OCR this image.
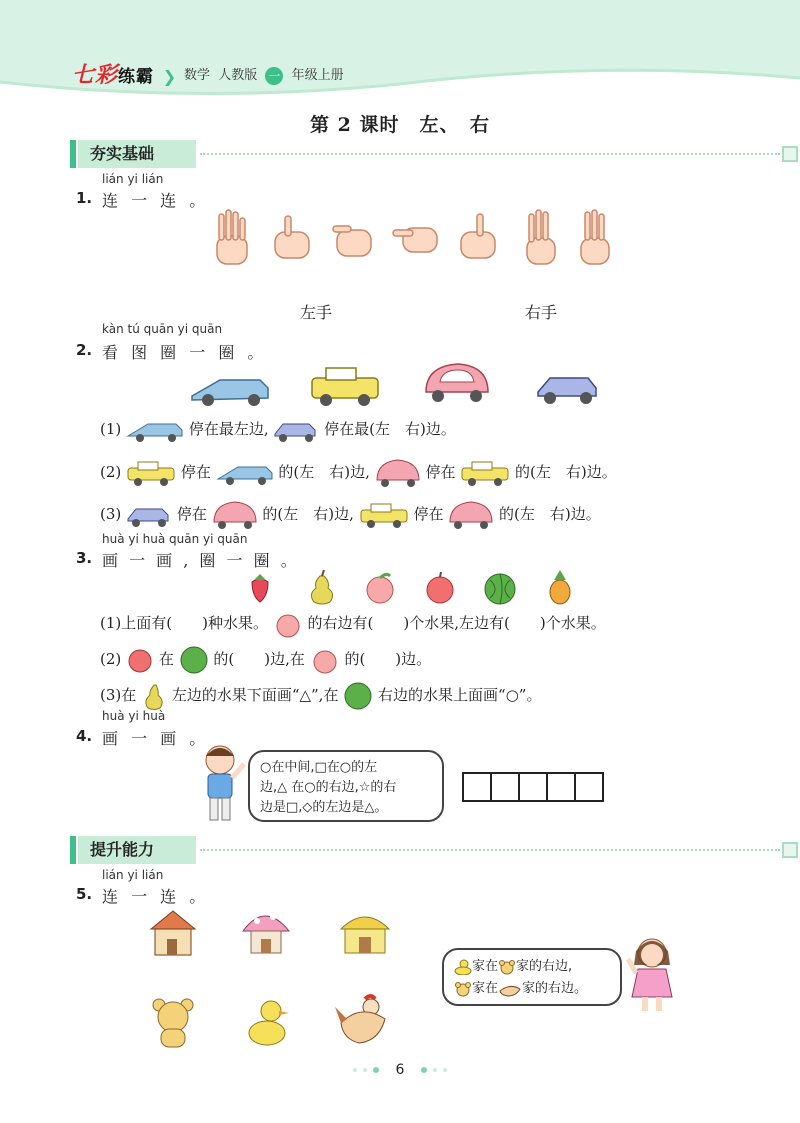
七彩练霸 ❯ 数学 人教版 一 年级上册
第 2 课时　左、　右
夯实基础
lián yi lián
1. 连 一 连 。
左手	右手
kàn tú quān yi quān
2. 看 图 圈 一 圈 。
(1)	停在最左边,	停在最(左　右)边。
(2)	停在	的(左　右)边,	停在	的(左　右)边。
(3)	停在	的(左　右)边,	停在	的(左　右)边。
huà yi huà quān yi quān
3. 画 一 画 , 圈 一 圈 。
(1)上面有(　　)种水果。	的右边有(　　)个水果,左边有(　　)个水果。
(2)	在	的(　　)边,在	的(　　)边。
(3)在 左边的水果下面画“△”,在	右边的水果上面画“○”。
huà yi huà
4. 画 一 画 。
○在中间,□在○的左
边,△ 在○的右边,☆的右
边是□,◇的左边是△。
提升能力
lián yi lián
5. 连 一 连 。
家在 家的右边,
家在 家的右边。
6
